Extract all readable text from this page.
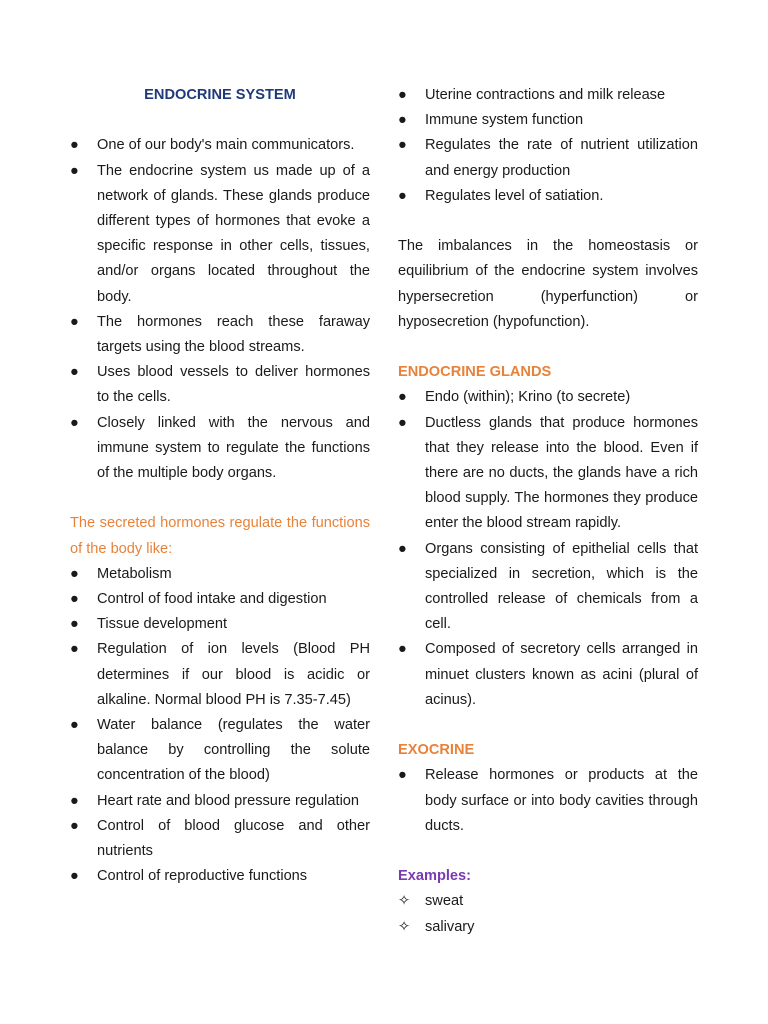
ENDOCRINE SYSTEM

●	One of our body's main communicators.
●	The endocrine system us made up of a network of glands. These glands produce different types of hormones that evoke a specific response in other cells, tissues, and/or organs located throughout the body.
●	The hormones reach these faraway targets using the blood streams.
●	Uses blood vessels to deliver hormones to the cells.
●	Closely linked with the nervous and immune system to regulate the functions of the multiple body organs.

The secreted hormones regulate the functions of the body like:

●	Metabolism
●	Control of food intake and digestion
●	Tissue development
●	Regulation of ion levels (Blood PH determines if our blood is acidic or alkaline. Normal blood PH is 7.35-7.45)
●	Water balance (regulates the water balance by controlling the solute concentration of the blood)
●	Heart rate and blood pressure regulation
●	Control of blood glucose and other nutrients
●	Control of reproductive functions
●	Uterine contractions and milk release
●	Immune system function
●	Regulates the rate of nutrient utilization and energy production
●	Regulates level of satiation.

The imbalances in the homeostasis or equilibrium of the endocrine system involves hypersecretion (hyperfunction) or hyposecretion (hypofunction).

ENDOCRINE GLANDS

●	Endo (within); Krino (to secrete)
●	Ductless glands that produce hormones that they release into the blood. Even if there are no ducts, the glands have a rich blood supply. The hormones they produce enter the blood stream rapidly.
●	Organs consisting of epithelial cells that specialized in secretion, which is the controlled release of chemicals from a cell.
●	Composed of secretory cells arranged in minuet clusters known as acini (plural of acinus).

EXOCRINE

●	Release hormones or products at the body surface or into body cavities through ducts.

Examples:

✧ sweat
✧ salivary
